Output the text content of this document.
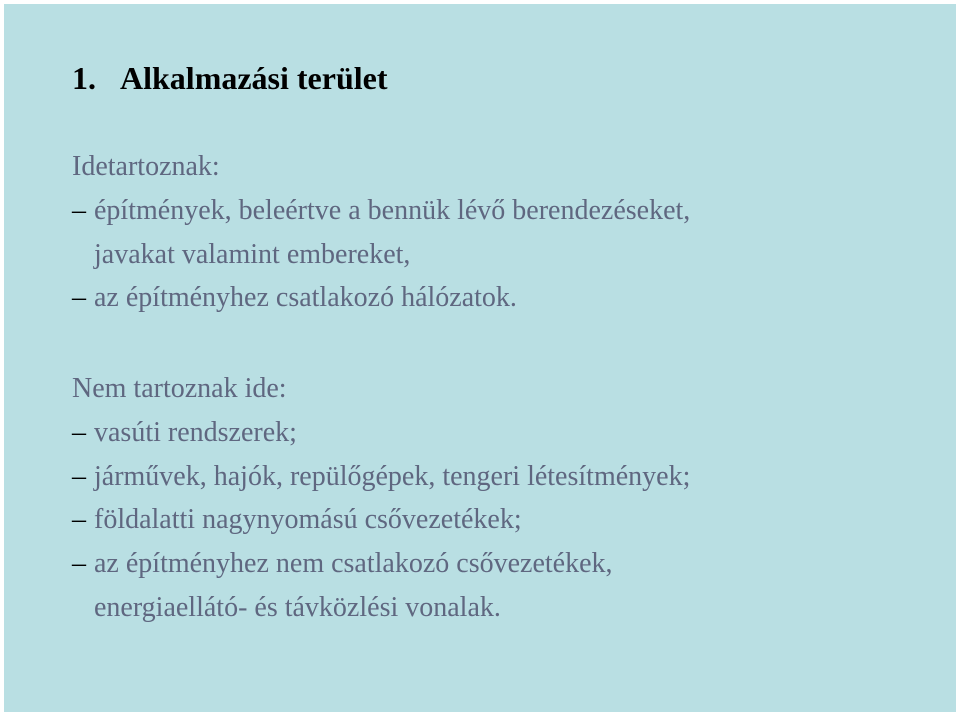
1. Alkalmazási terület
Idetartoznak:
– építmények, beleértve a bennük lévő berendezéseket,
javakat valamint embereket,
– az építményhez csatlakozó hálózatok.
Nem tartoznak ide:
– vasúti rendszerek;
– járművek, hajók, repülőgépek, tengeri létesítmények;
– földalatti nagynyomású csővezetékek;
– az építményhez nem csatlakozó csővezetékek,
energiaellátó- és távközlési vonalak.
